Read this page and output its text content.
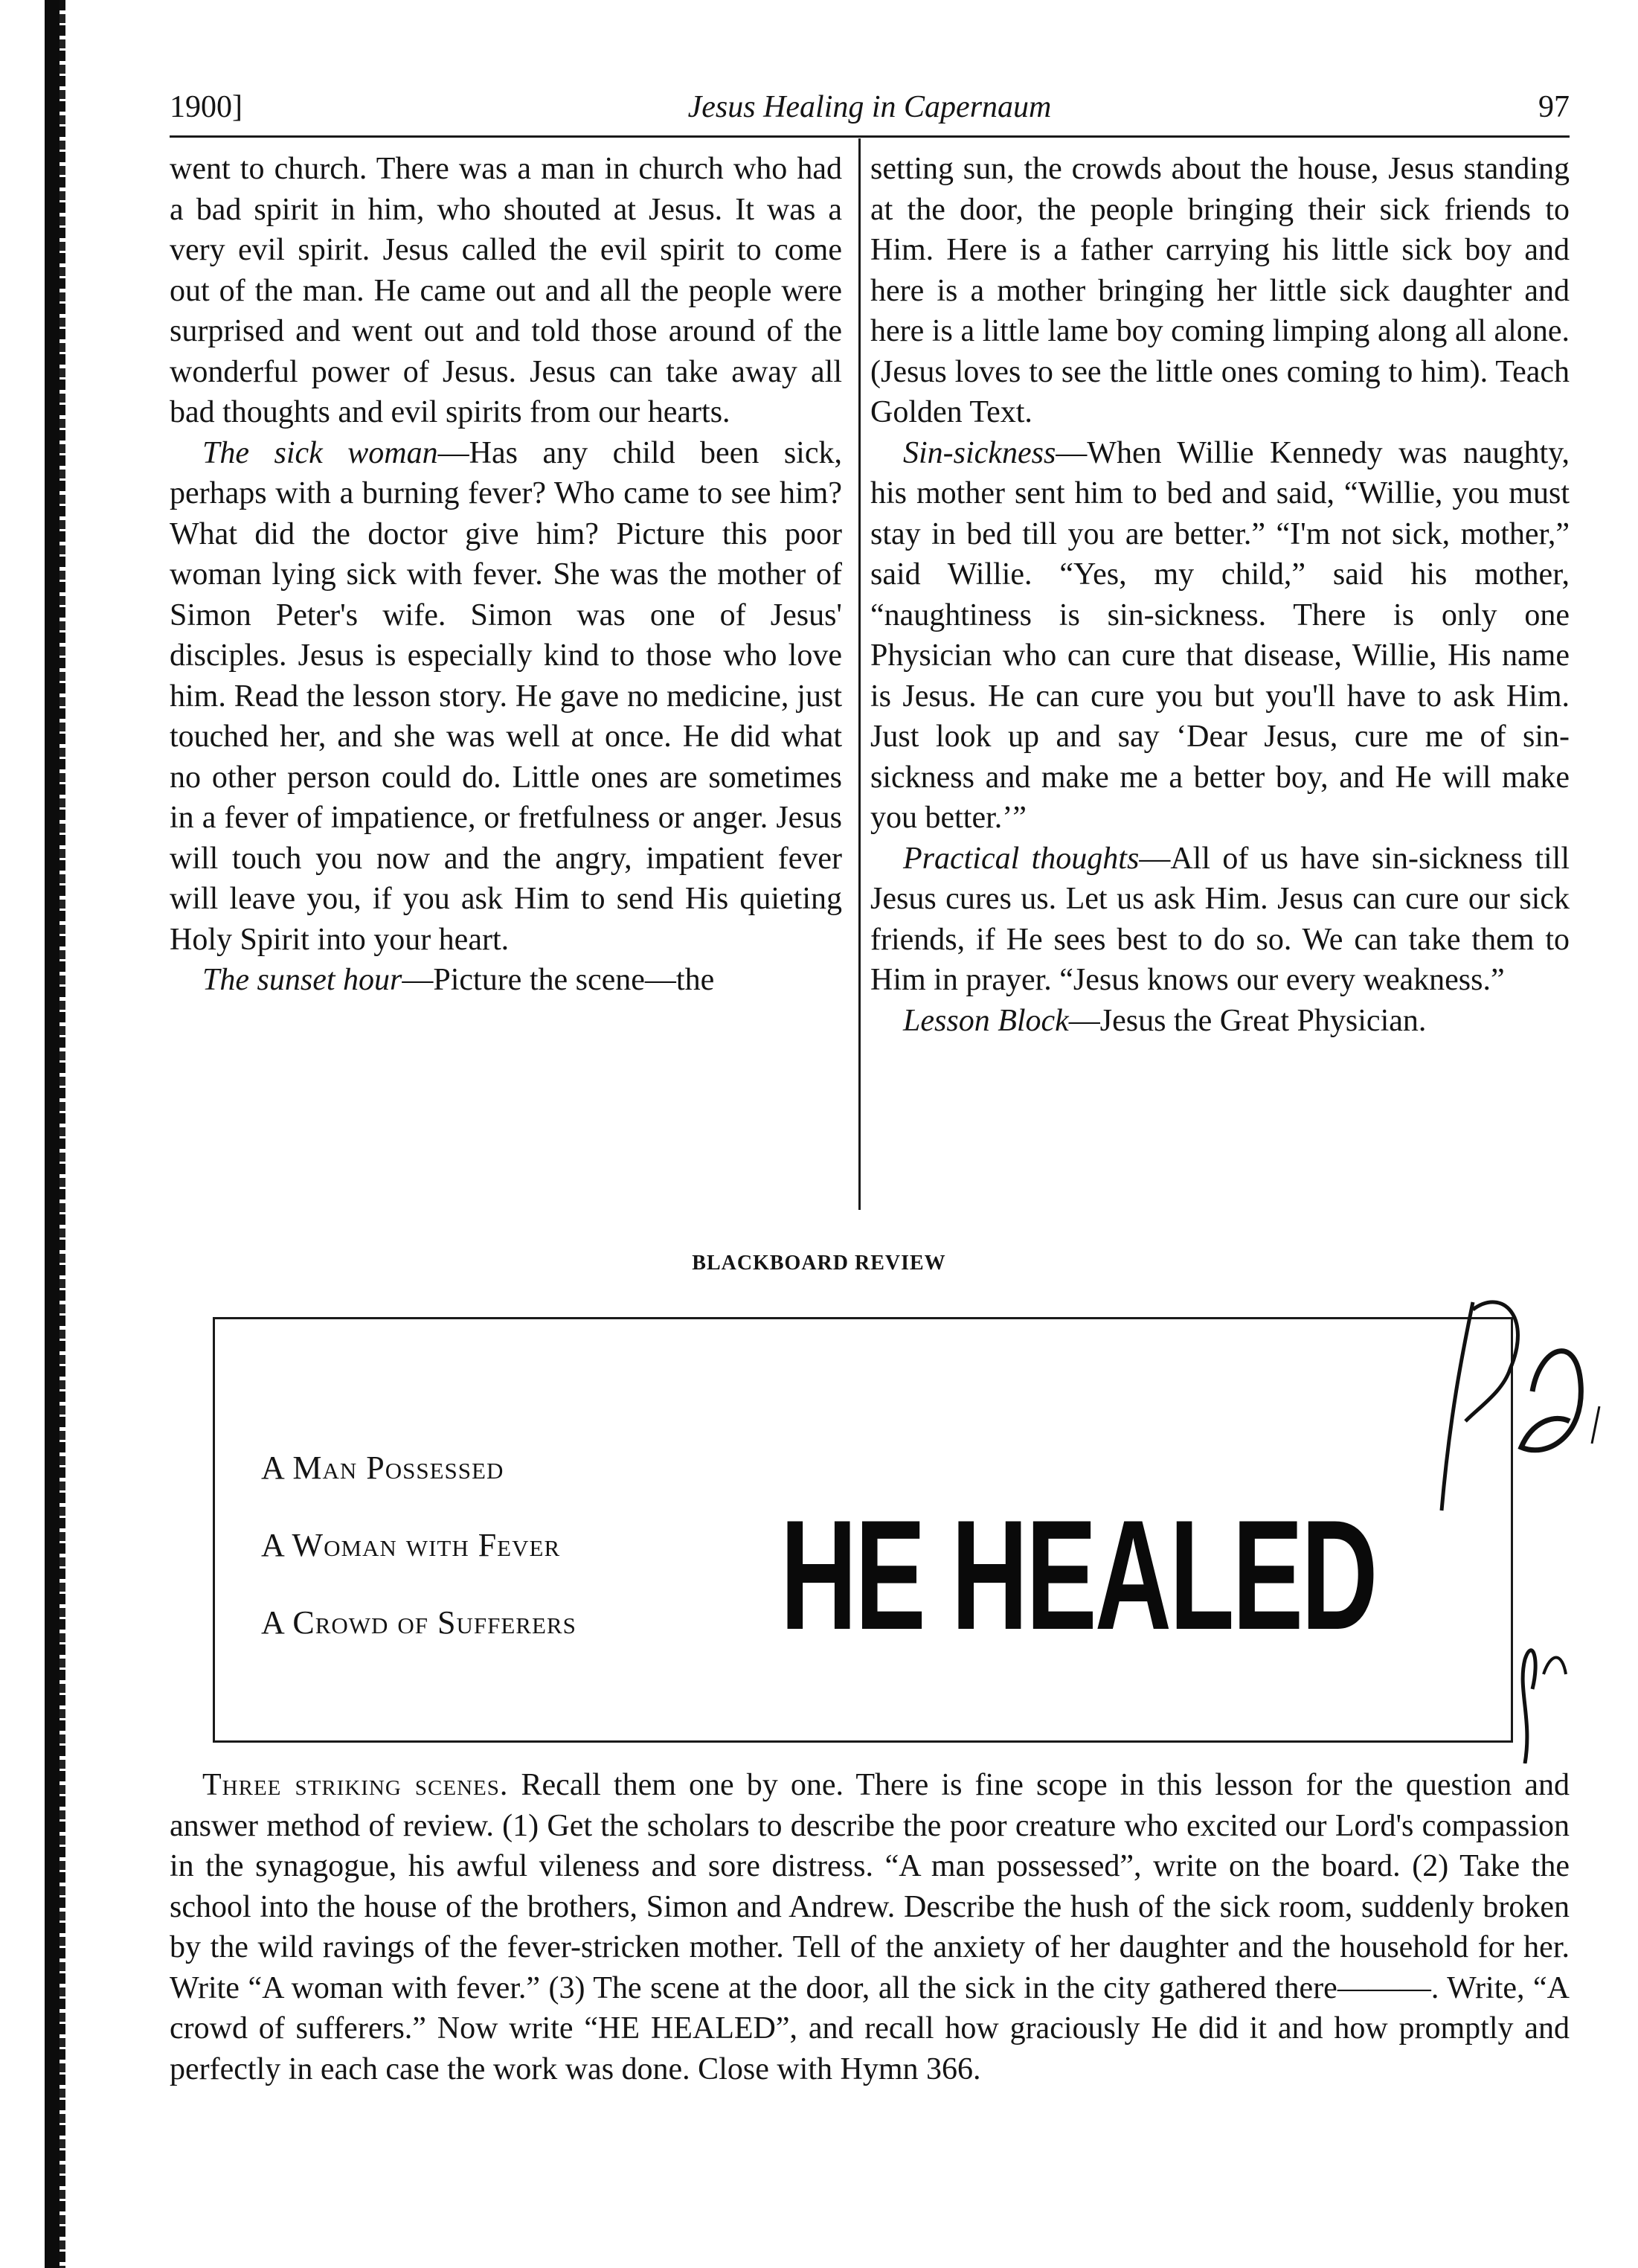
1900]	Jesus Healing in Capernaum	97

went to church. There was a man in church who had a bad spirit in him, who shouted at Jesus. It was a very evil spirit. Jesus called the evil spirit to come out of the man. He came out and all the people were surprised and went out and told those around of the wonderful power of Jesus. Jesus can take away all bad thoughts and evil spirits from our hearts.

The sick woman—Has any child been sick, perhaps with a burning fever? Who came to see him? What did the doctor give him? Picture this poor woman lying sick with fever. She was the mother of Simon Peter's wife. Simon was one of Jesus' disciples. Jesus is especially kind to those who love him. Read the lesson story. He gave no medicine, just touched her, and she was well at once. He did what no other person could do. Little ones are sometimes in a fever of impatience, or fretfulness or anger. Jesus will touch you now and the angry, impatient fever will leave you, if you ask Him to send His quieting Holy Spirit into your heart.

The sunset hour—Picture the scene—the

setting sun, the crowds about the house, Jesus standing at the door, the people bringing their sick friends to Him. Here is a father carrying his little sick boy and here is a mother bringing her little sick daughter and here is a little lame boy coming limping along all alone. (Jesus loves to see the little ones coming to him). Teach Golden Text.

Sin-sickness—When Willie Kennedy was naughty, his mother sent him to bed and said, “Willie, you must stay in bed till you are better.” “I'm not sick, mother,” said Willie. “Yes, my child,” said his mother, “naughtiness is sin-sickness. There is only one Physician who can cure that disease, Willie, His name is Jesus. He can cure you but you'll have to ask Him. Just look up and say ‘Dear Jesus, cure me of sin-sickness and make me a better boy, and He will make you better.’”

Practical thoughts—All of us have sin-sickness till Jesus cures us. Let us ask Him. Jesus can cure our sick friends, if He sees best to do so. We can take them to Him in prayer. “Jesus knows our every weakness.”

Lesson Block—Jesus the Great Physician.

BLACKBOARD REVIEW
A Man Possessed
A Woman with Fever
A Crowd of Sufferers	HE HEALED

Three striking scenes. Recall them one by one. There is fine scope in this lesson for the question and answer method of review. (1) Get the scholars to describe the poor creature who excited our Lord's compassion in the synagogue, his awful vileness and sore distress. “A man possessed”, write on the board. (2) Take the school into the house of the brothers, Simon and Andrew. Describe the hush of the sick room, suddenly broken by the wild ravings of the fever-stricken mother. Tell of the anxiety of her daughter and the household for her. Write “A woman with fever.” (3) The scene at the door, all the sick in the city gathered there———. Write, “A crowd of sufferers.” Now write “HE HEALED”, and recall how graciously He did it and how promptly and perfectly in each case the work was done. Close with Hymn 366.
